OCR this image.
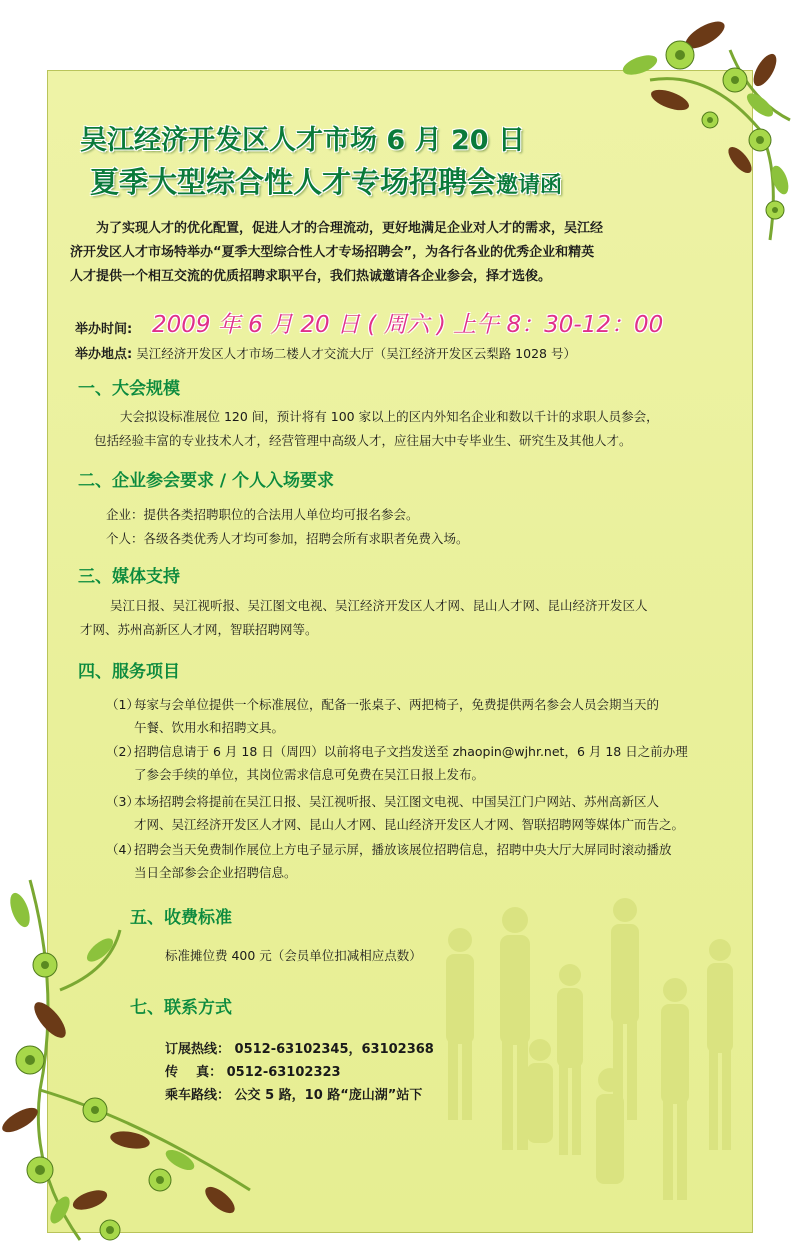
吴江经济开发区人才市场 6 月 20 日
夏季大型综合性人才专场招聘会邀请函

为了实现人才的优化配置，促进人才的合理流动，更好地满足企业对人才的需求，吴江经

济开发区人才市场特举办“夏季大型综合性人才专场招聘会”，为各行各业的优秀企业和精英

人才提供一个相互交流的优质招聘求职平台，我们热诚邀请各企业参会，择才选俊。

举办时间: 2009 年 6 月 20 日 ( 周六 ) 上午 8：30-12：00
举办地点: 吴江经济开发区人才市场二楼人才交流大厅（吴江经济开发区云梨路 1028 号）
一、大会规模

大会拟设标准展位 120 间，预计将有 100 家以上的区内外知名企业和数以千计的求职人员参会，

包括经验丰富的专业技术人才，经营管理中高级人才，应往届大中专毕业生、研究生及其他人才。

二、企业参会要求 / 个人入场要求

企业：提供各类招聘职位的合法用人单位均可报名参会。

个人：各级各类优秀人才均可参加，招聘会所有求职者免费入场。

三、媒体支持

吴江日报、吴江视听报、吴江图文电视、吴江经济开发区人才网、昆山人才网、昆山经济开发区人

才网、苏州高新区人才网，智联招聘网等。

四、服务项目
（1）
每家与会单位提供一个标准展位，配备一张桌子、两把椅子，免费提供两名参会人员会期当天的
午餐、饮用水和招聘文具。
（2）
招聘信息请于 6 月 18 日（周四）以前将电子文挡发送至 zhaopin@wjhr.net，6 月 18 日之前办理
了参会手续的单位，其岗位需求信息可免费在吴江日报上发布。
（3）
本场招聘会将提前在吴江日报、吴江视听报、吴江图文电视、中国吴江门户网站、苏州高新区人
才网、吴江经济开发区人才网、昆山人才网、昆山经济开发区人才网、智联招聘网等媒体广而告之。
（4）
招聘会当天免费制作展位上方电子显示屏，播放该展位招聘信息，招聘中央大厅大屏同时滚动播放
当日全部参会企业招聘信息。
五、收费标准
标准摊位费 400 元（会员单位扣减相应点数）
七、联系方式
订展热线： 0512-63102345，63102368
传    真： 0512-63102323
乘车路线： 公交 5 路，10 路“庞山湖”站下
